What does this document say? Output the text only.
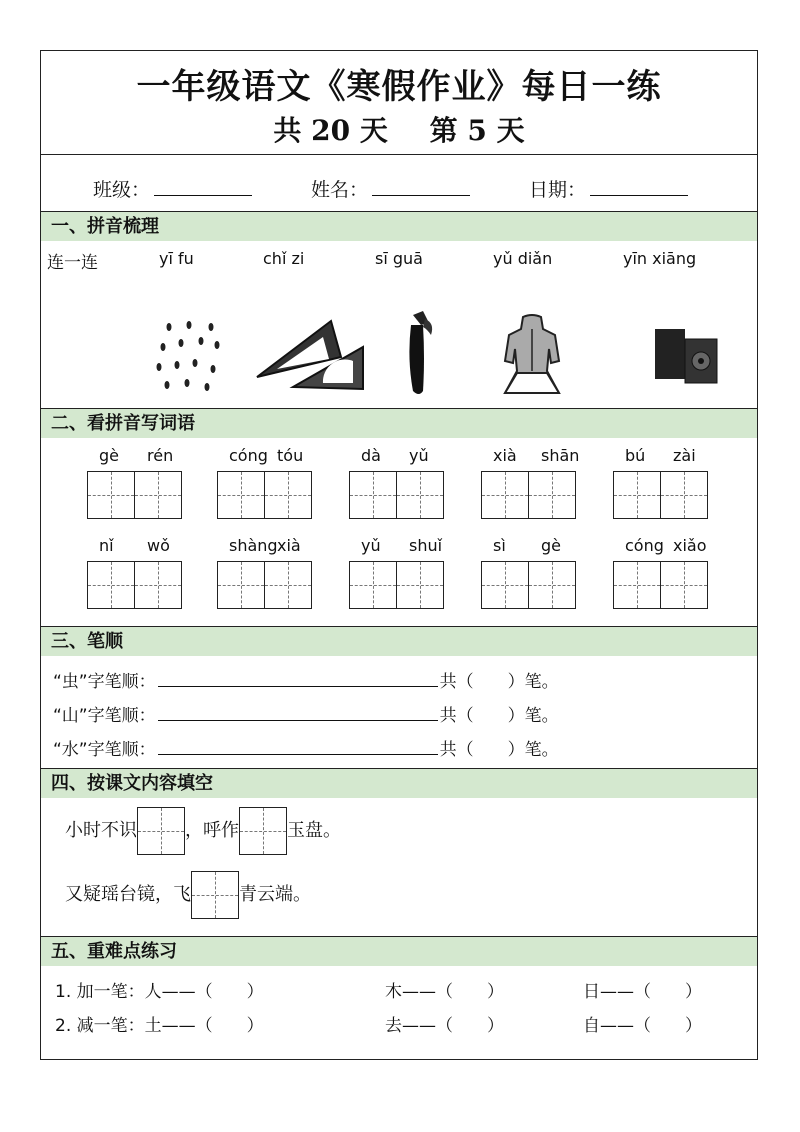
一年级语文《寒假作业》每日一练
共 20 天 第 5 天
班级：	姓名：	日期：
一、拼音梳理
连一连	yī fu	chǐ zi	sī guā	yǔ diǎn	yīn xiāng
二、看拼音写词语
gè rén	cóng tóu	dà yǔ	xià shān	bú zài
nǐ wǒ	shàng xià	yǔ shuǐ	sì gè	cóng xiǎo
三、笔顺
“虫”字笔顺：	共（　　）笔。
“山”字笔顺：	共（　　）笔。
“水”字笔顺：	共（　　）笔。
四、按课文内容填空
小时不识	，呼作	玉盘。
又疑瑶台镜，飞	青云端。
五、重难点练习
1. 加一笔：人——（　　）	木——（　　）	日——（　　）
2. 减一笔：土——（　　）	去——（　　）	自——（　　）
